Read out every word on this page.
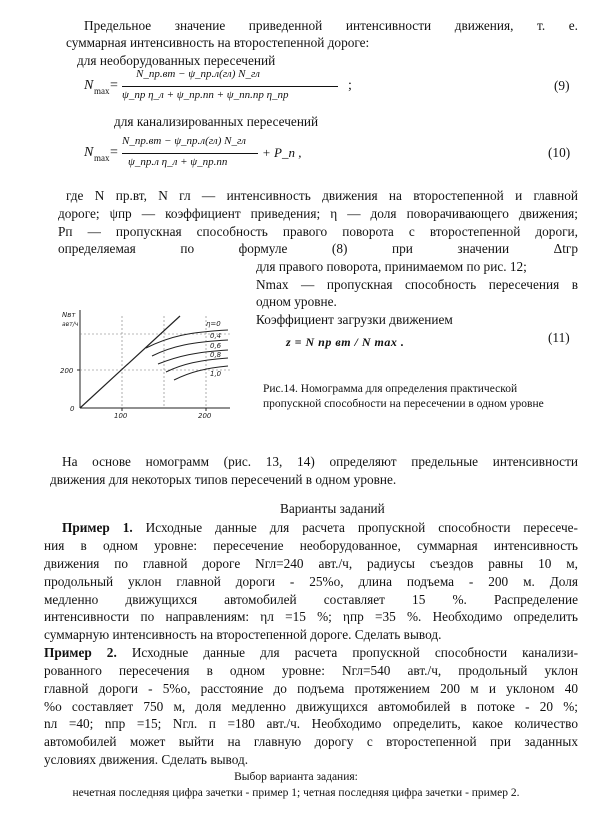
Предельное значение приведенной интенсивности движения, т. е.
суммарная интенсивность на второстепенной дороге:
для необорудованных пересечений
N max =
N_пр.вт − ψ_пр.л(гл) N_гл
ψ_пр η_л + ψ_пр.пп + ψ_пп.пр η_пр
;	(9)
для канализированных пересечений
N max =
N_пр.вт − ψ_пр.л(гл) N_гл
ψ_пр.л η_л + ψ_пр.пп
+ P_п ,	(10)
где N пр.вт, N гл — интенсивность движения на второстепенной и главной
дороге; ψпр — коэффициент приведения; η — доля поворачивающего движения;
Pп — пропускная способность правого поворота с второстепенной дороги,
определяемая по формуле (8) при значении Δtгр
для правого поворота, принимаемом по рис. 12;
Nmax — пропускная способность пересечения в
одном уровне.
Коэффициент загрузки движением
z = N пр вт / N max .	(11)
Nвт
авт/ч
200
0
100	200
η=0
0,4
0,6
0,8
1,0
Рис.14. Номограмма для определения практической
пропускной способности на пересечении в одном уровне
На основе номограмм (рис. 13, 14) определяют предельные интенсивности
движения для некоторых типов пересечений в одном уровне.
Варианты заданий
Пример 1. Исходные данные для расчета пропускной способности пересече-
ния в одном уровне: пересечение необорудованное, суммарная интенсивность
движения по главной дороге Nгл=240 авт./ч, радиусы съездов равны 10 м,
продольный уклон главной дороги - 25%о, длина подъема - 200 м. Доля
медленно движущихся автомобилей составляет 15 %. Распределение
интенсивности по направлениям: ηл =15 %; ηпр =35 %. Необходимо определить
суммарную интенсивность на второстепенной дороге. Сделать вывод.
Пример 2. Исходные данные для расчета пропускной способности канализи-
рованного пересечения в одном уровне: Nгл=540 авт./ч, продольный уклон
главной дороги - 5%о, расстояние до подъема протяжением 200 м и уклоном 40
%о составляет 750 м, доля медленно движущихся автомобилей в потоке - 20 %;
nл =40; nпр =15; Nгл. п =180 авт./ч. Необходимо определить, какое количество
автомобилей может выйти на главную дорогу с второстепенной при заданных
условиях движения. Сделать вывод.
Выбор варианта задания:
нечетная последняя цифра зачетки - пример 1; четная последняя цифра зачетки - пример 2.
